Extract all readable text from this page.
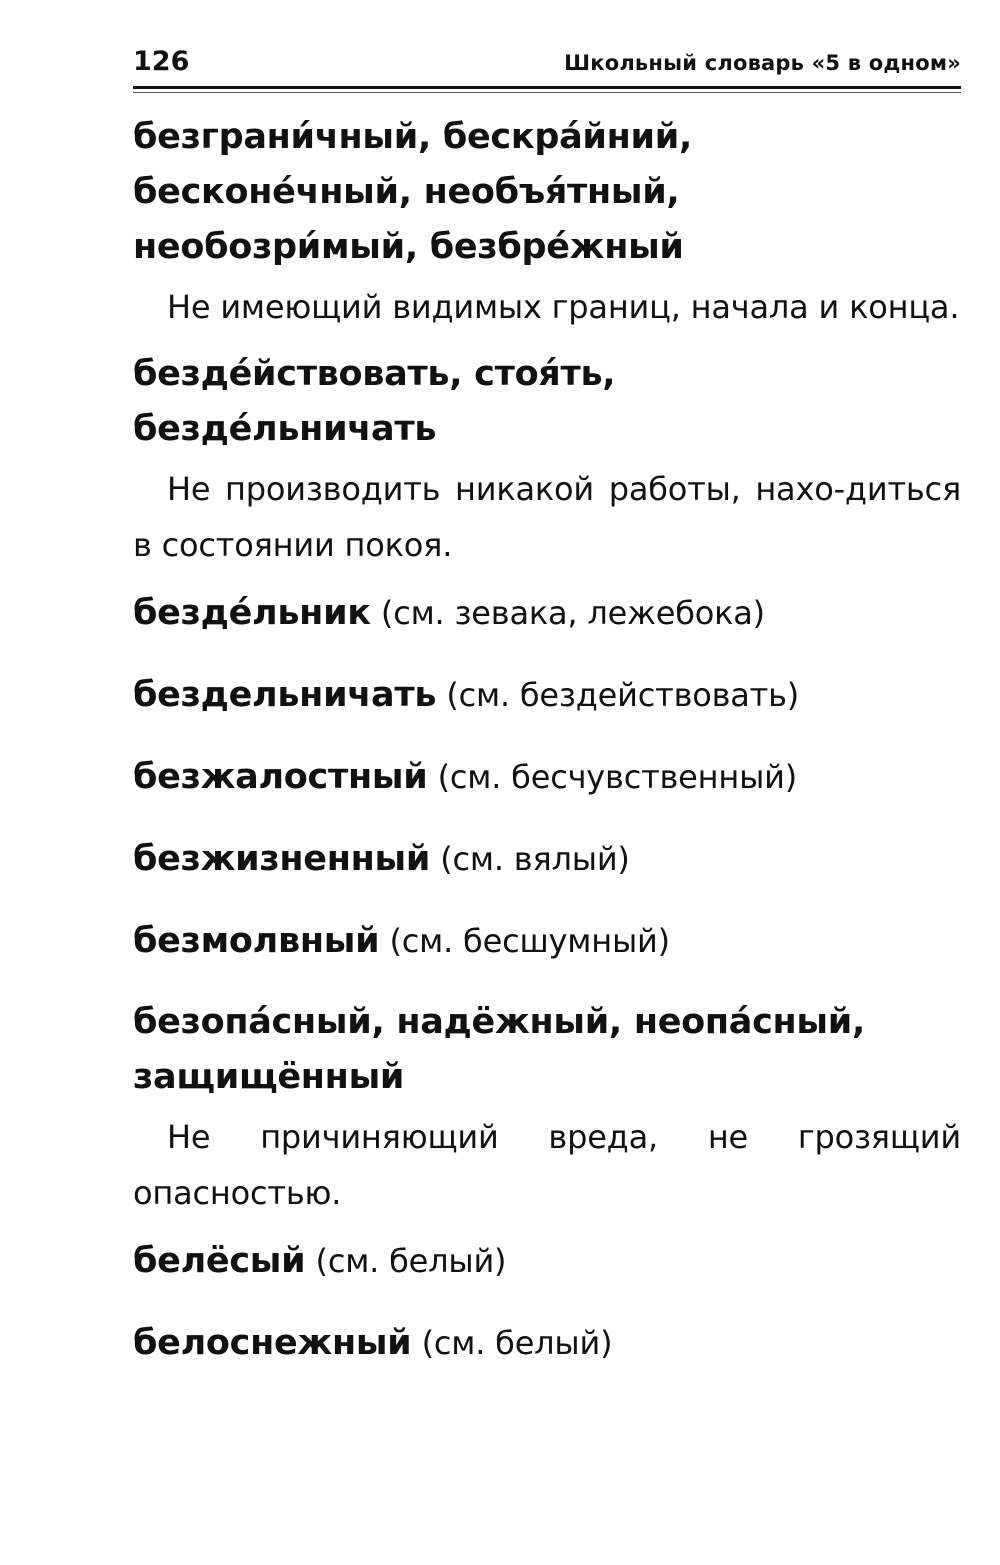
126	Школьный словарь «5 в одном»
безграни́чный, бескра́йний,
бесконе́чный, необъя́тный,
необозри́мый, безбре́жный

Не имеющий видимых границ, начала и конца.

безде́йствовать, стоя́ть,
безде́льничать

Не производить никакой работы, нахо-диться в состоянии покоя.

безде́льник (см. зевака, лежебока)

бездельничать (см. бездействовать)

безжалостный (см. бесчувственный)

безжизненный (см. вялый)

безмолвный (см. бесшумный)

безопа́сный, надёжный, неопа́сный,
защищённый

Не причиняющий вреда, не грозящий опасностью.

белёсый (см. белый)

белоснежный (см. белый)
